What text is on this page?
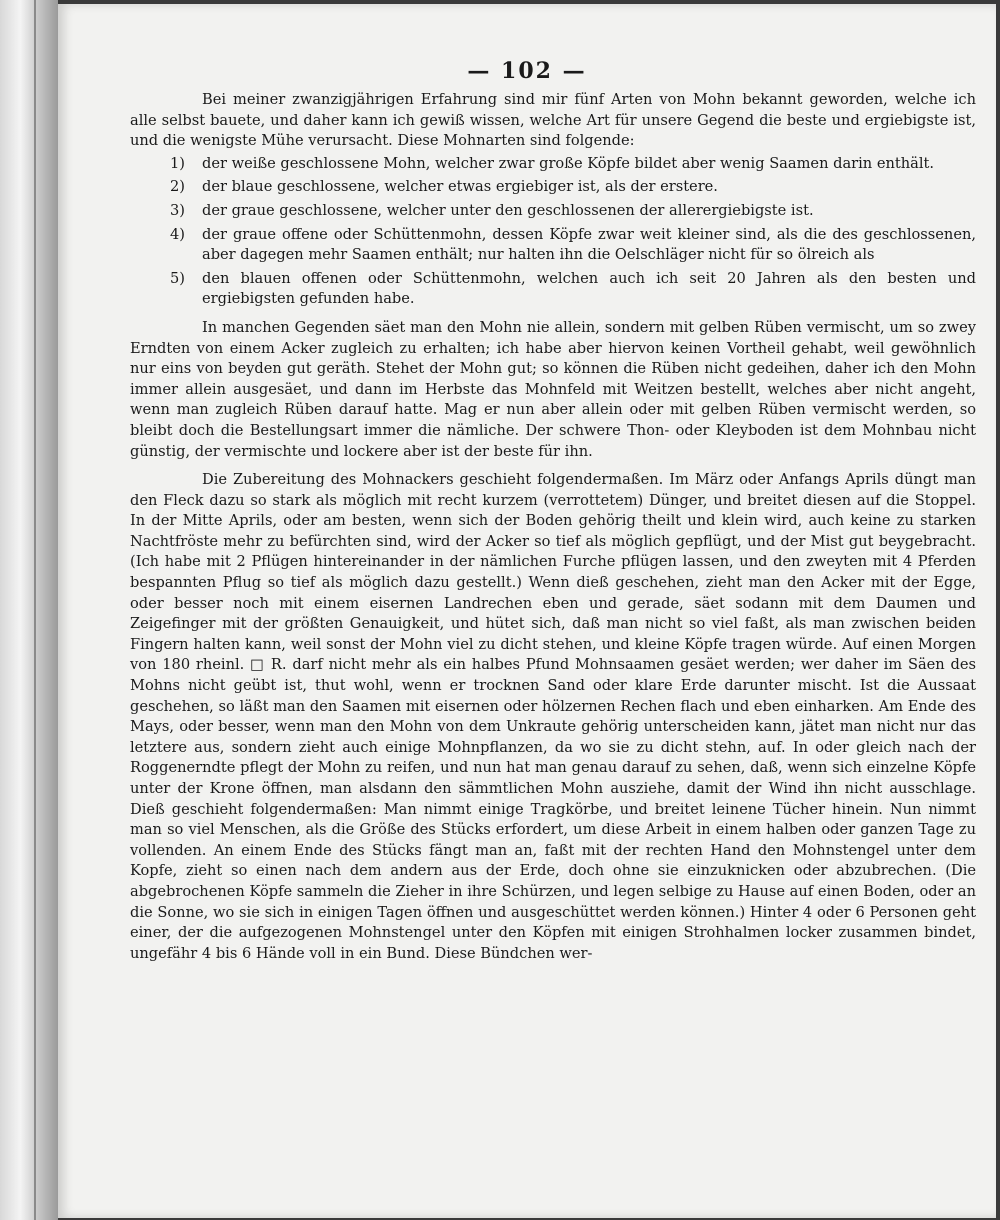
— 102 —

Bei meiner zwanzigjährigen Erfahrung sind mir fünf Arten von Mohn bekannt geworden, welche ich alle selbst bauete, und daher kann ich gewiß wissen, welche Art für unsere Gegend die beste und ergiebigste ist, und die wenigste Mühe verursacht. Diese Mohnarten sind folgende:

1) der weiße geschlossene Mohn, welcher zwar große Köpfe bildet aber wenig Saamen darin enthält.
2) der blaue geschlossene, welcher etwas ergiebiger ist, als der erstere.
3) der graue geschlossene, welcher unter den geschlossenen der allerergiebigste ist.
4) der graue offene oder Schüttenmohn, dessen Köpfe zwar weit kleiner sind, als die des geschlossenen, aber dagegen mehr Saamen enthält; nur halten ihn die Oelschläger nicht für so ölreich als
5) den blauen offenen oder Schüttenmohn, welchen auch ich seit 20 Jahren als den besten und ergiebigsten gefunden habe.

In manchen Gegenden säet man den Mohn nie allein, sondern mit gelben Rüben vermischt, um so zwey Erndten von einem Acker zugleich zu erhalten; ich habe aber hiervon keinen Vortheil gehabt, weil gewöhnlich nur eins von beyden gut geräth. Stehet der Mohn gut; so können die Rüben nicht gedeihen, daher ich den Mohn immer allein ausgesäet, und dann im Herbste das Mohnfeld mit Weitzen bestellt, welches aber nicht angeht, wenn man zugleich Rüben darauf hatte. Mag er nun aber allein oder mit gelben Rüben vermischt werden, so bleibt doch die Bestellungsart immer die nämliche. Der schwere Thon- oder Kleyboden ist dem Mohnbau nicht günstig, der vermischte und lockere aber ist der beste für ihn.

Die Zubereitung des Mohnackers geschieht folgendermaßen. Im März oder Anfangs Aprils düngt man den Fleck dazu so stark als möglich mit recht kurzem (verrottetem) Dünger, und breitet diesen auf die Stoppel. In der Mitte Aprils, oder am besten, wenn sich der Boden gehörig theilt und klein wird, auch keine zu starken Nachtfröste mehr zu befürchten sind, wird der Acker so tief als möglich gepflügt, und der Mist gut beygebracht. (Ich habe mit 2 Pflügen hintereinander in der nämlichen Furche pflügen lassen, und den zweyten mit 4 Pferden bespannten Pflug so tief als möglich dazu gestellt.) Wenn dieß geschehen, zieht man den Acker mit der Egge, oder besser noch mit einem eisernen Landrechen eben und gerade, säet sodann mit dem Daumen und Zeigefinger mit der größten Genauigkeit, und hütet sich, daß man nicht so viel faßt, als man zwischen beiden Fingern halten kann, weil sonst der Mohn viel zu dicht stehen, und kleine Köpfe tragen würde. Auf einen Morgen von 180 rheinl. □ R. darf nicht mehr als ein halbes Pfund Mohnsaamen gesäet werden; wer daher im Säen des Mohns nicht geübt ist, thut wohl, wenn er trocknen Sand oder klare Erde darunter mischt. Ist die Aussaat geschehen, so läßt man den Saamen mit eisernen oder hölzernen Rechen flach und eben einharken. Am Ende des Mays, oder besser, wenn man den Mohn von dem Unkraute gehörig unterscheiden kann, jätet man nicht nur das letztere aus, sondern zieht auch einige Mohnpflanzen, da wo sie zu dicht stehn, auf. In oder gleich nach der Roggenerndte pflegt der Mohn zu reifen, und nun hat man genau darauf zu sehen, daß, wenn sich einzelne Köpfe unter der Krone öffnen, man alsdann den sämmtlichen Mohn ausziehe, damit der Wind ihn nicht ausschlage. Dieß geschieht folgendermaßen: Man nimmt einige Tragkörbe, und breitet leinene Tücher hinein. Nun nimmt man so viel Menschen, als die Größe des Stücks erfordert, um diese Arbeit in einem halben oder ganzen Tage zu vollenden. An einem Ende des Stücks fängt man an, faßt mit der rechten Hand den Mohnstengel unter dem Kopfe, zieht so einen nach dem andern aus der Erde, doch ohne sie einzuknicken oder abzubrechen. (Die abgebrochenen Köpfe sammeln die Zieher in ihre Schürzen, und legen selbige zu Hause auf einen Boden, oder an die Sonne, wo sie sich in einigen Tagen öffnen und ausgeschüttet werden können.) Hinter 4 oder 6 Personen geht einer, der die aufgezogenen Mohnstengel unter den Köpfen mit einigen Strohhalmen locker zusammen bindet, ungefähr 4 bis 6 Hände voll in ein Bund. Diese Bündchen wer-
